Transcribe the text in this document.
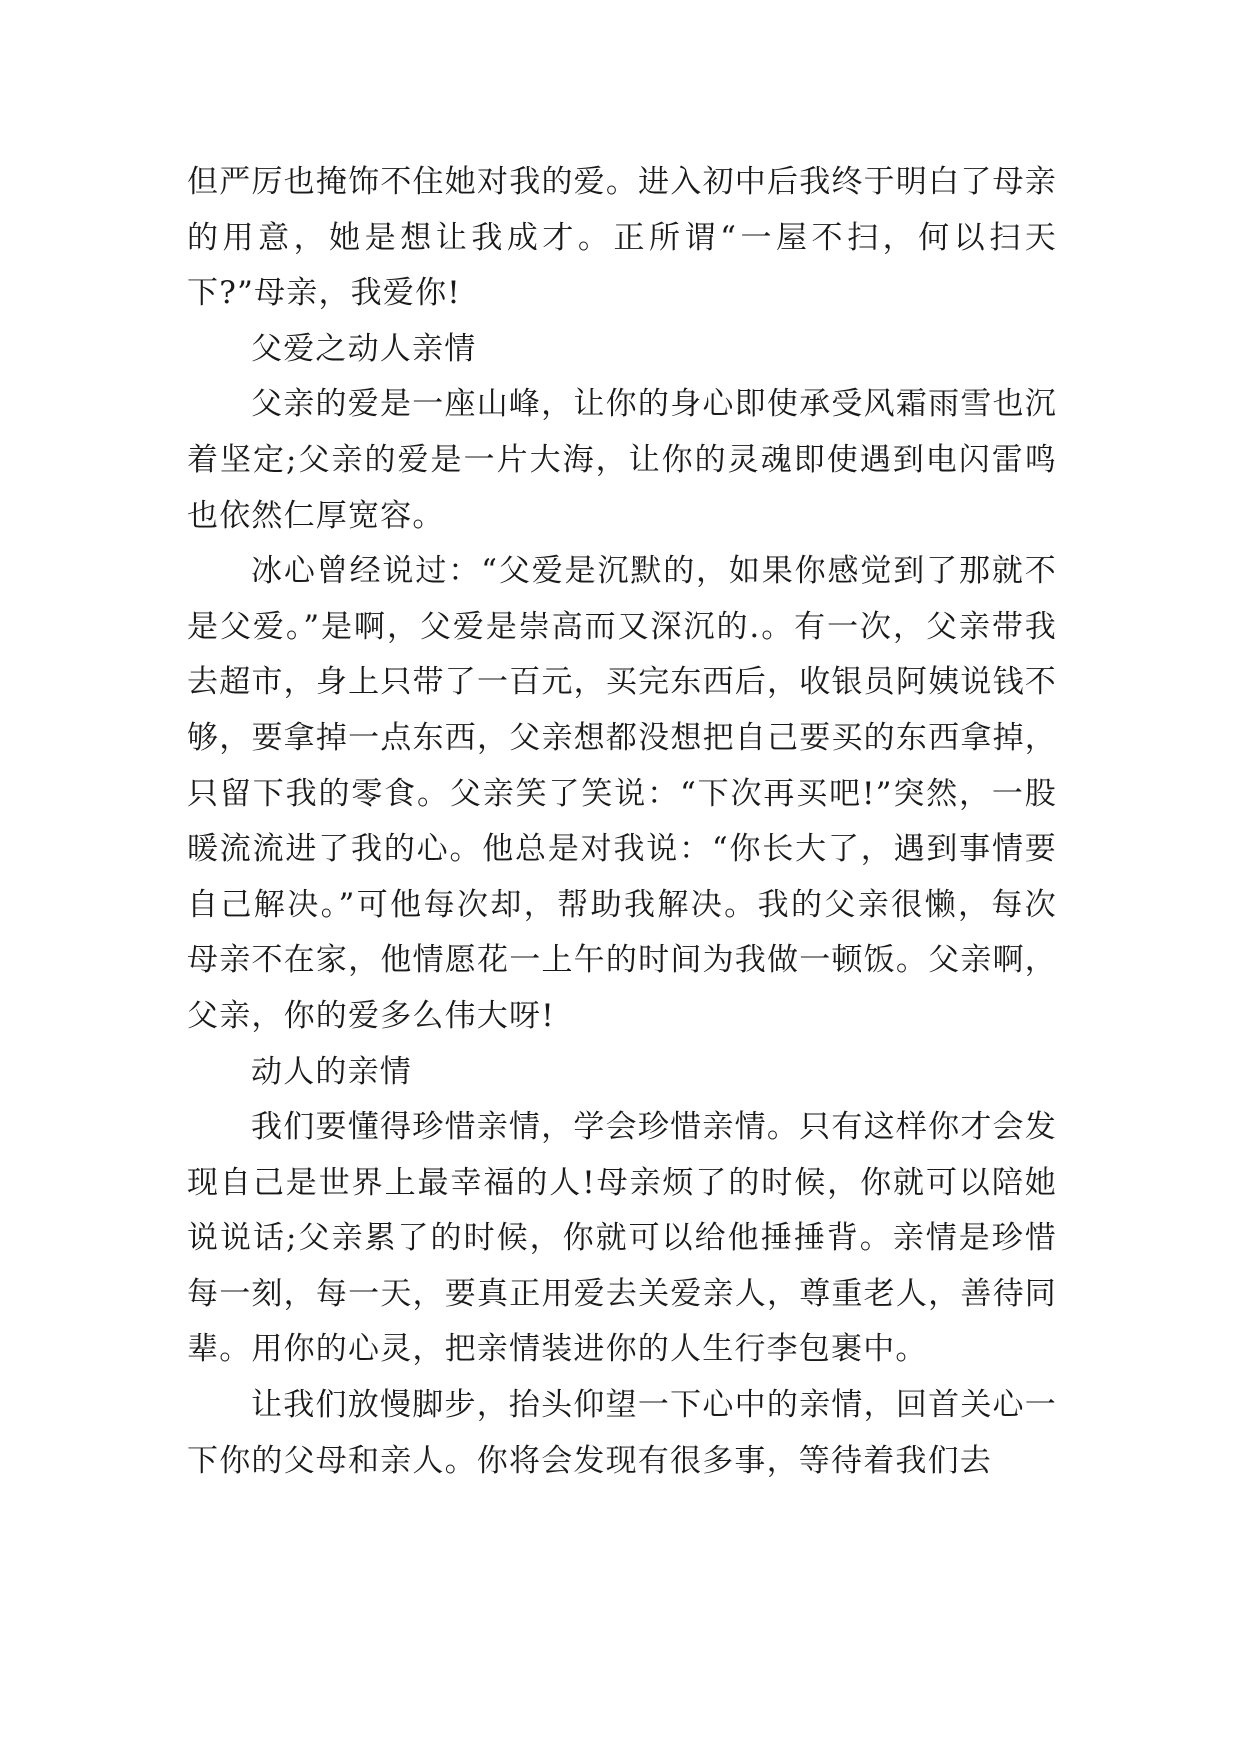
但严厉也掩饰不住她对我的爱。进入初中后我终于明白了母亲的用意，她是想让我成才。正所谓“一屋不扫，何以扫天下?”母亲，我爱你!

父爱之动人亲情

父亲的爱是一座山峰，让你的身心即使承受风霜雨雪也沉着坚定;父亲的爱是一片大海，让你的灵魂即使遇到电闪雷鸣也依然仁厚宽容。

冰心曾经说过：“父爱是沉默的，如果你感觉到了那就不是父爱。”是啊，父爱是崇高而又深沉的.。有一次，父亲带我去超市，身上只带了一百元，买完东西后，收银员阿姨说钱不够，要拿掉一点东西，父亲想都没想把自己要买的东西拿掉，只留下我的零食。父亲笑了笑说：“下次再买吧!”突然，一股暖流流进了我的心。他总是对我说：“你长大了，遇到事情要自己解决。”可他每次却，帮助我解决。我的父亲很懒，每次母亲不在家，他情愿花一上午的时间为我做一顿饭。父亲啊，父亲，你的爱多么伟大呀!

动人的亲情

我们要懂得珍惜亲情，学会珍惜亲情。只有这样你才会发现自己是世界上最幸福的人!母亲烦了的时候，你就可以陪她说说话;父亲累了的时候，你就可以给他捶捶背。亲情是珍惜每一刻，每一天，要真正用爱去关爱亲人，尊重老人，善待同辈。用你的心灵，把亲情装进你的人生行李包裹中。

让我们放慢脚步，抬头仰望一下心中的亲情，回首关心一下你的父母和亲人。你将会发现有很多事，等待着我们去
